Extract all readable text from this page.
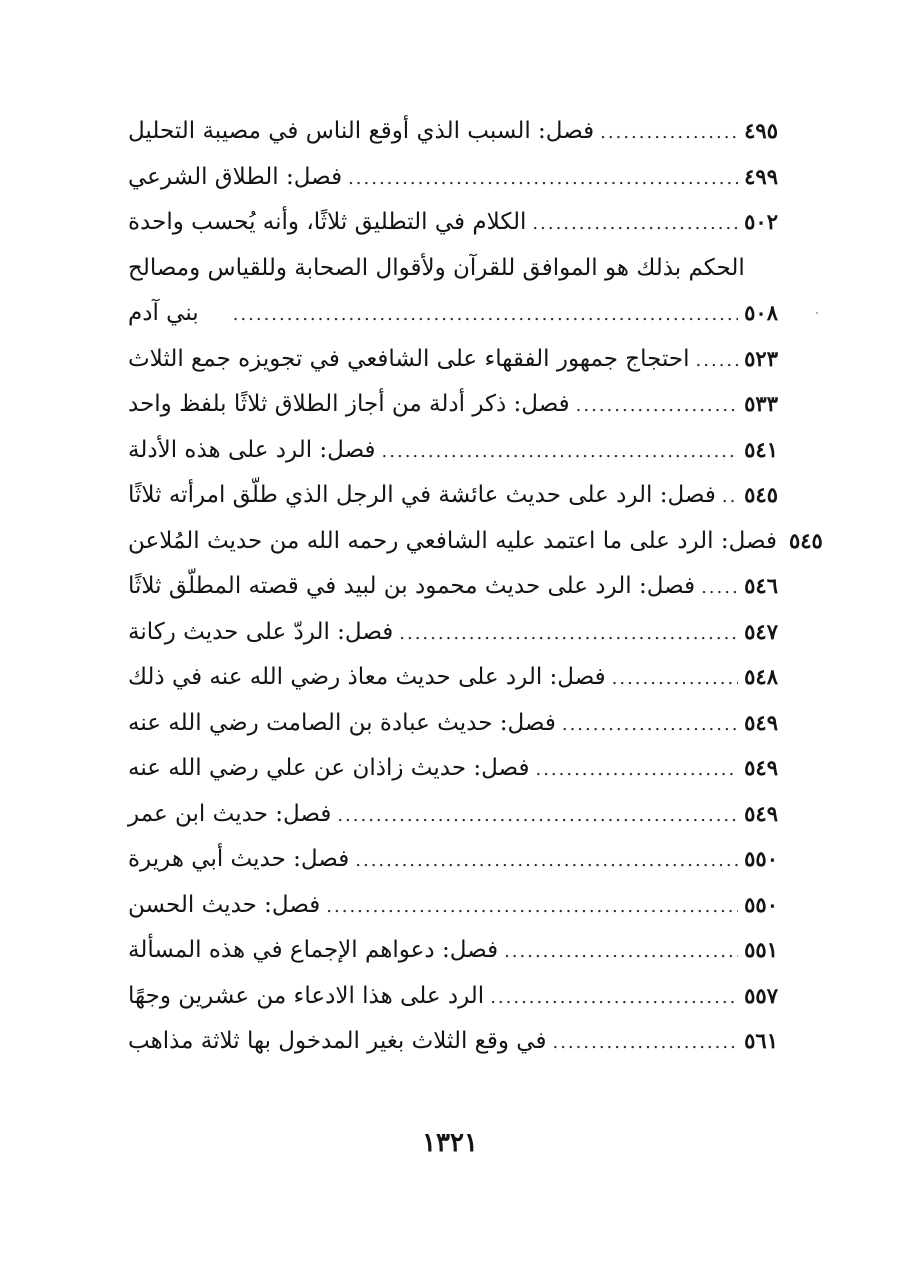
فصل: السبب الذي أوقع الناس في مصيبة التحليل .....	٤٩٥
فصل: الطلاق الشرعي .....	٤٩٩
الكلام في التطليق ثلاثًا، وأنه يُحسب واحدة .....	٥٠٢
الحكم بذلك هو الموافق للقرآن ولأقوال الصحابة وللقياس ومصالح
بني آدم .....	٥٠٨
احتجاج جمهور الفقهاء على الشافعي في تجويزه جمع الثلاث .....	٥٢٣
فصل: ذكر أدلة من أجاز الطلاق ثلاثًا بلفظ واحد .....	٥٣٣
فصل: الرد على هذه الأدلة .....	٥٤١
فصل: الرد على حديث عائشة في الرجل الذي طلّق امرأته ثلاثًا ..... ٥٤٥
فصل: الرد على ما اعتمد عليه الشافعي رحمه الله من حديث المُلاعن ٥٤٥
فصل: الرد على حديث محمود بن لبيد في قصته المطلّق ثلاثًا ..... ٥٤٦
فصل: الردّ على حديث ركانة .....	٥٤٧
فصل: الرد على حديث معاذ رضي الله عنه في ذلك .....	٥٤٨
فصل: حديث عبادة بن الصامت رضي الله عنه .....	٥٤٩
فصل: حديث زاذان عن علي رضي الله عنه .....	٥٤٩
فصل: حديث ابن عمر .....	٥٤٩
فصل: حديث أبي هريرة .....	٥٥٠
فصل: حديث الحسن .....	٥٥٠
فصل: دعواهم الإجماع في هذه المسألة .....	٥٥١
الرد على هذا الادعاء من عشرين وجهًا .....	٥٥٧
في وقع الثلاث بغير المدخول بها ثلاثة مذاهب .....	٥٦١
١٣٢١
